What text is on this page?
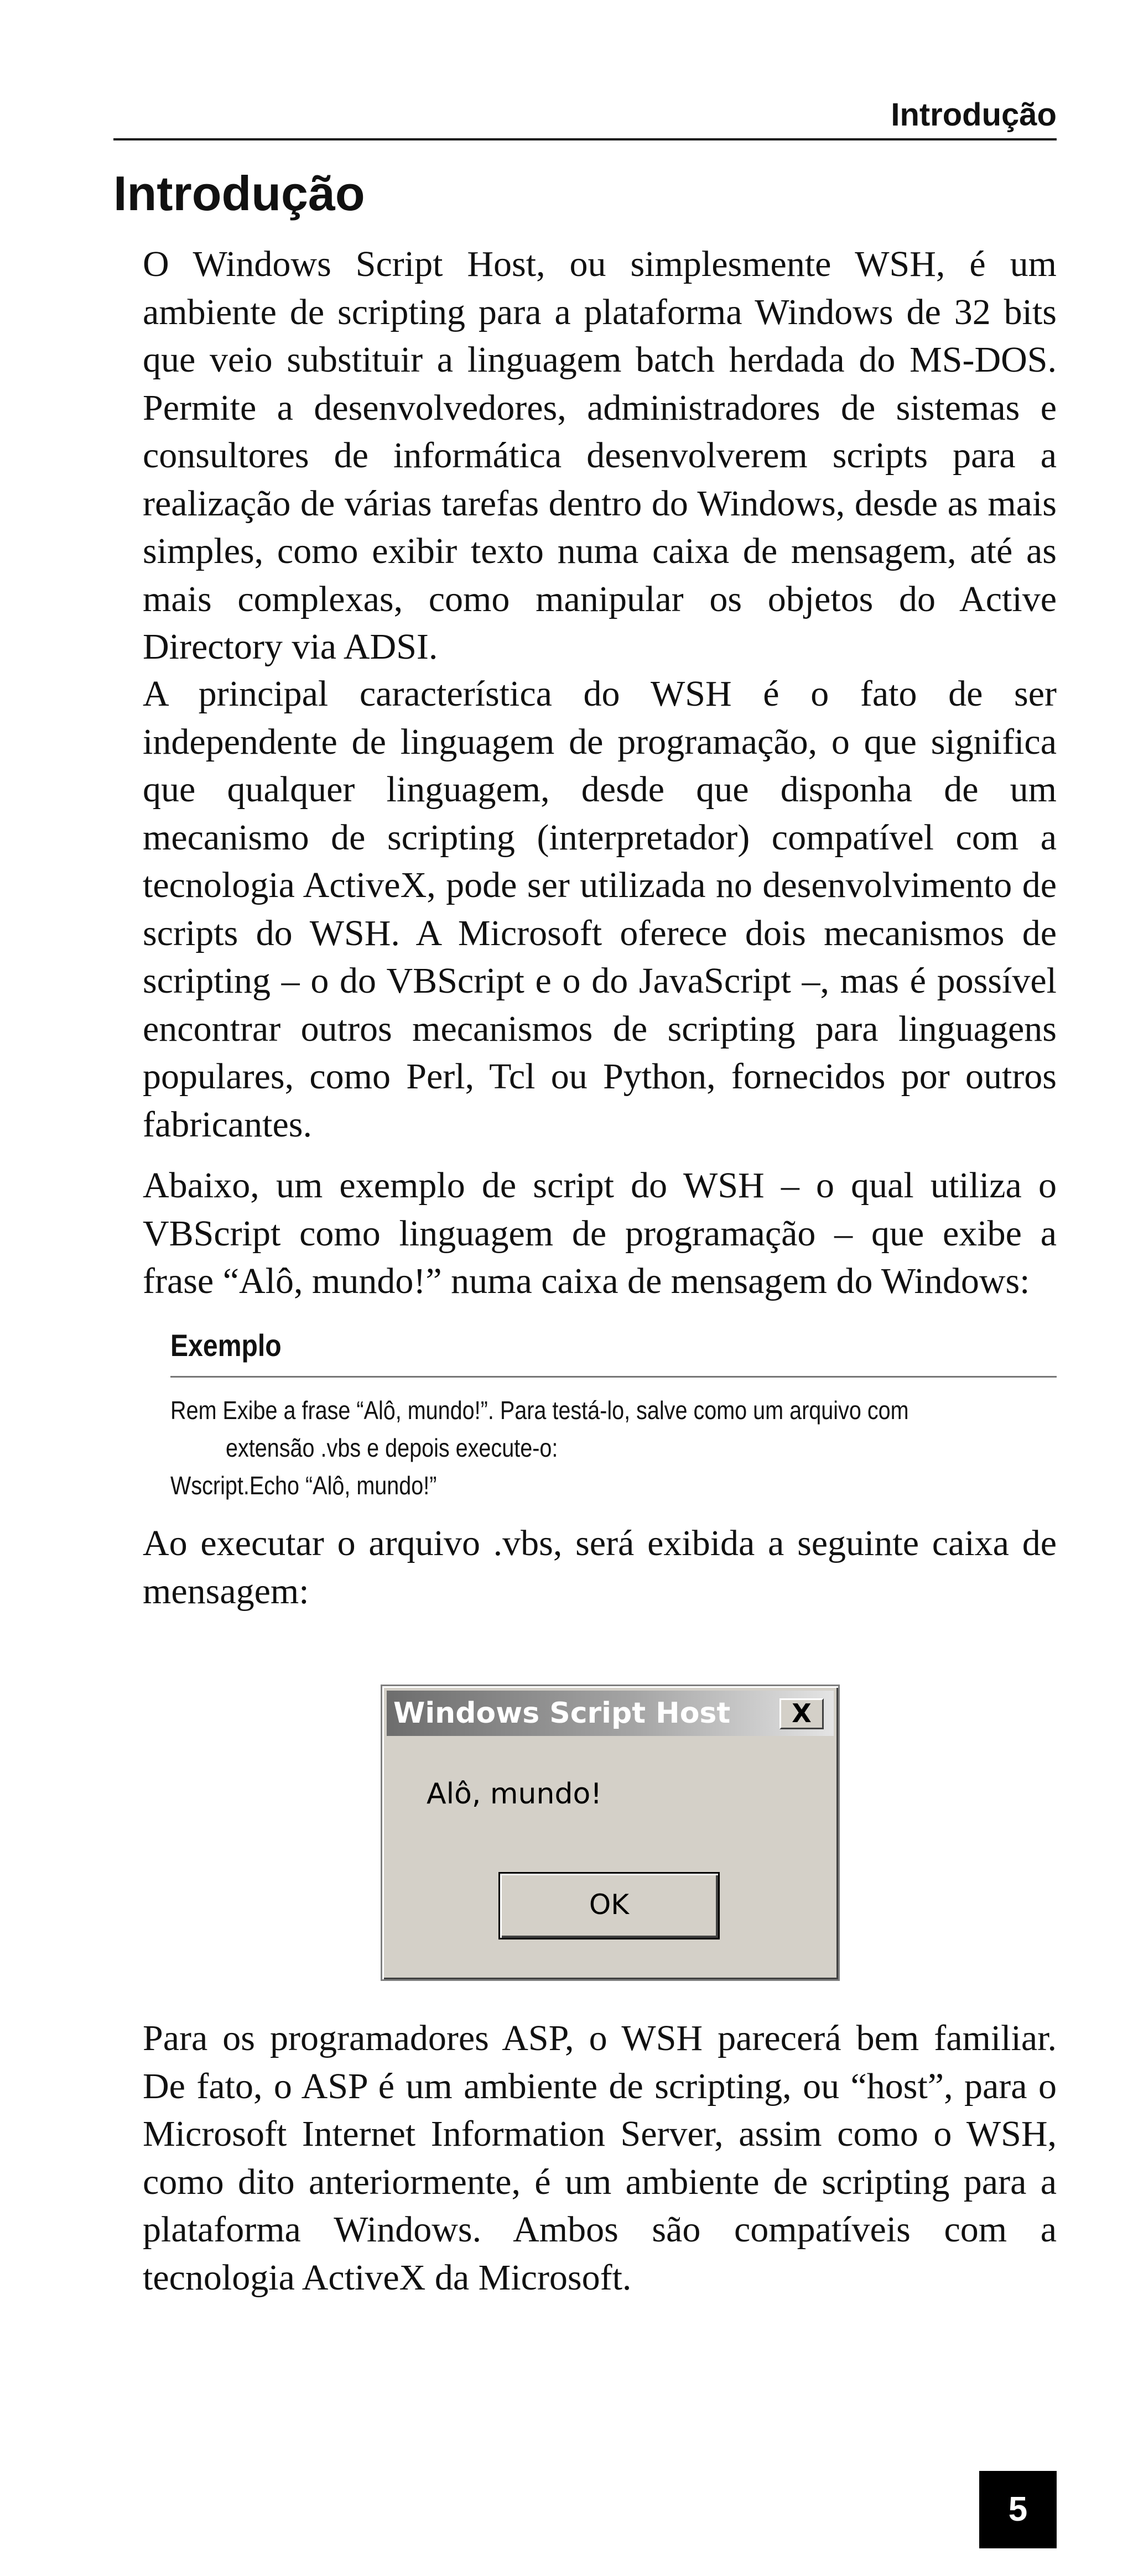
Introdução
Introdução

O Windows Script Host, ou simplesmente WSH, é um ambiente de scripting para a plataforma Windows de 32 bits que veio substituir a linguagem batch herdada do MS-DOS. Permite a desenvolvedores, administradores de sistemas e consultores de informática desenvolverem scripts para a realização de várias tarefas dentro do Windows, desde as mais simples, como exibir texto numa caixa de mensagem, até as mais complexas, como manipular os objetos do Active Directory via ADSI.

A principal característica do WSH é o fato de ser independente de linguagem de programação, o que significa que qualquer linguagem, desde que disponha de um mecanismo de scripting (interpretador) compatível com a tecnologia ActiveX, pode ser utilizada no desenvolvimento de scripts do WSH. A Microsoft oferece dois mecanismos de scripting – o do VBScript e o do JavaScript –, mas é possível encontrar outros mecanismos de scripting para linguagens populares, como Perl, Tcl ou Python, fornecidos por outros fabricantes.

Abaixo, um exemplo de script do WSH – o qual utiliza o VBScript como linguagem de programação – que exibe a frase “Alô, mundo!” numa caixa de mensagem do Windows:

Exemplo
Rem Exibe a frase “Alô, mundo!”. Para testá-lo, salve como um arquivo com
extensão .vbs e depois execute-o:
Wscript.Echo “Alô, mundo!”

Ao executar o arquivo .vbs, será exibida a seguinte caixa de mensagem:

Windows Script Host	X
Alô, mundo!
OK

Para os programadores ASP, o WSH parecerá bem familiar. De fato, o ASP é um ambiente de scripting, ou “host”, para o Microsoft Internet Information Server, assim como o WSH, como dito anteriormente, é um ambiente de scripting para a plataforma Windows. Ambos são compatíveis com a tecnologia ActiveX da Microsoft.

5
